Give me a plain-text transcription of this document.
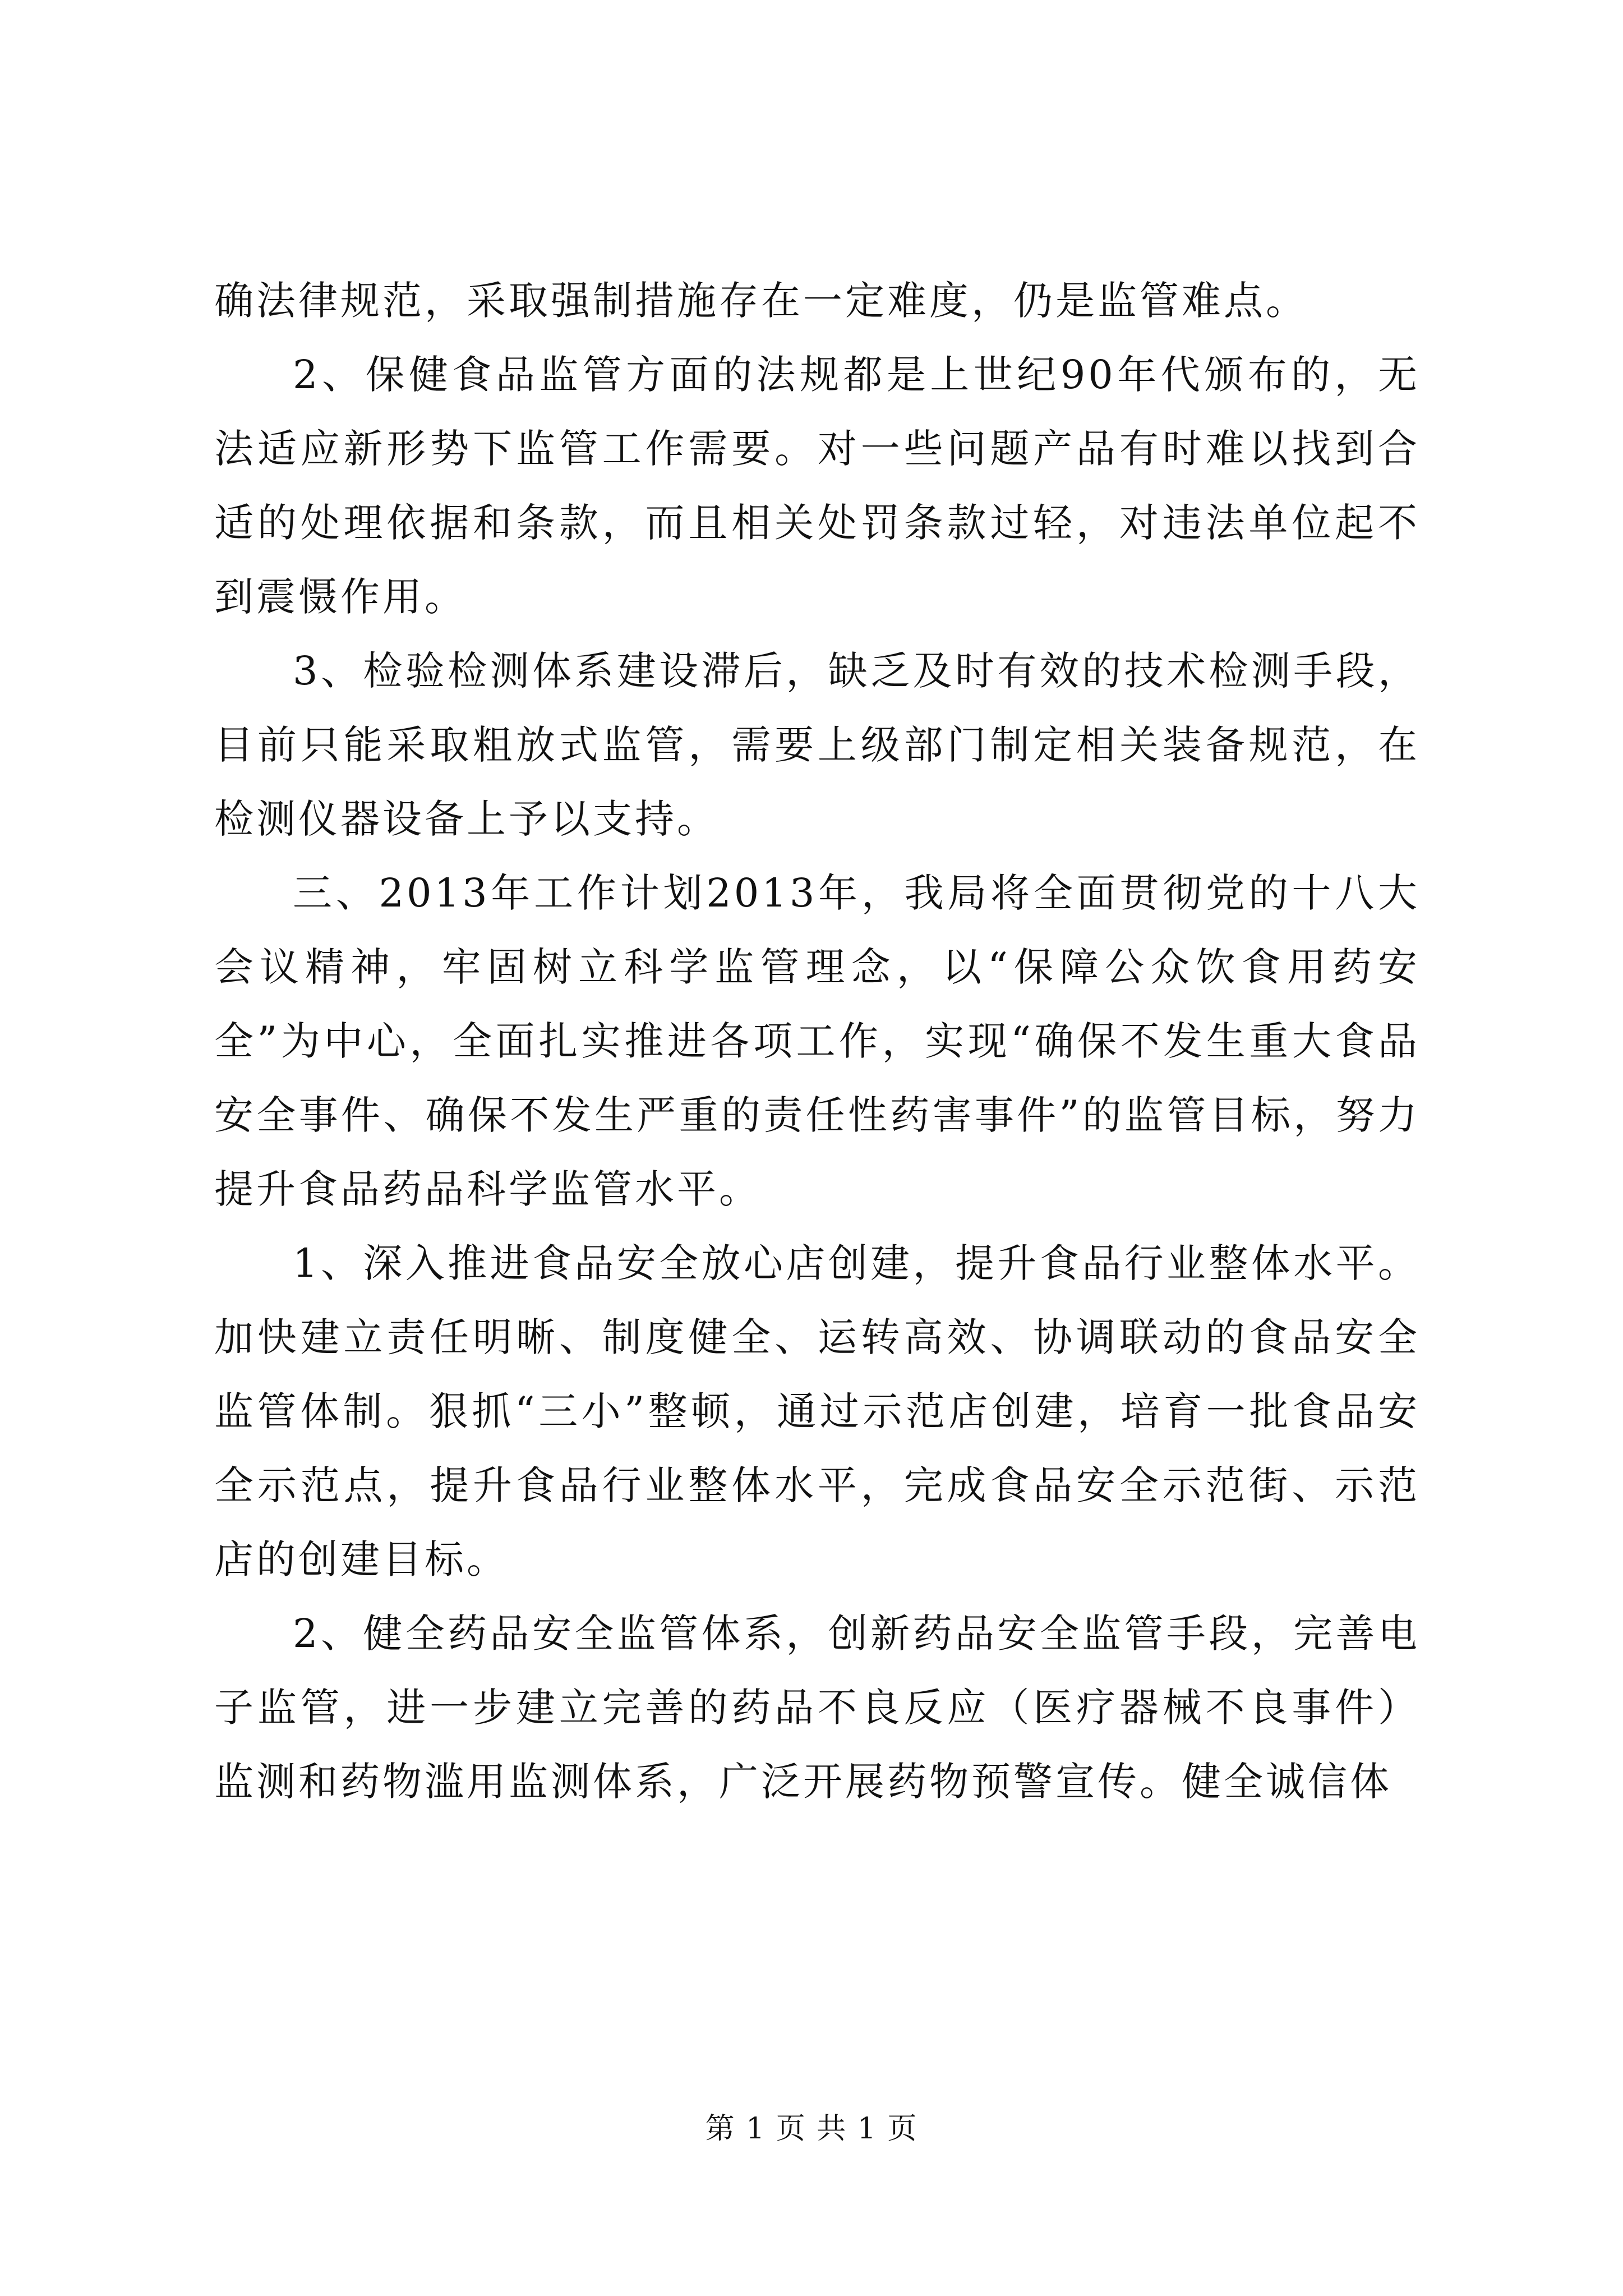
确法律规范，采取强制措施存在一定难度，仍是监管难点。

2、保健食品监管方面的法规都是上世纪90年代颁布的，无法适应新形势下监管工作需要。对一些问题产品有时难以找到合适的处理依据和条款，而且相关处罚条款过轻，对违法单位起不到震慑作用。

3、检验检测体系建设滞后，缺乏及时有效的技术检测手段，目前只能采取粗放式监管，需要上级部门制定相关装备规范，在检测仪器设备上予以支持。

三、2013年工作计划2013年，我局将全面贯彻党的十八大会议精神，牢固树立科学监管理念，以“保障公众饮食用药安全”为中心，全面扎实推进各项工作，实现“确保不发生重大食品安全事件、确保不发生严重的责任性药害事件”的监管目标，努力提升食品药品科学监管水平。

1、深入推进食品安全放心店创建，提升食品行业整体水平。加快建立责任明晰、制度健全、运转高效、协调联动的食品安全监管体制。狠抓“三小”整顿，通过示范店创建，培育一批食品安全示范点，提升食品行业整体水平，完成食品安全示范街、示范店的创建目标。

2、健全药品安全监管体系，创新药品安全监管手段，完善电子监管，进一步建立完善的药品不良反应（医疗器械不良事件）监测和药物滥用监测体系，广泛开展药物预警宣传。健全诚信体

第 1 页 共 1 页
